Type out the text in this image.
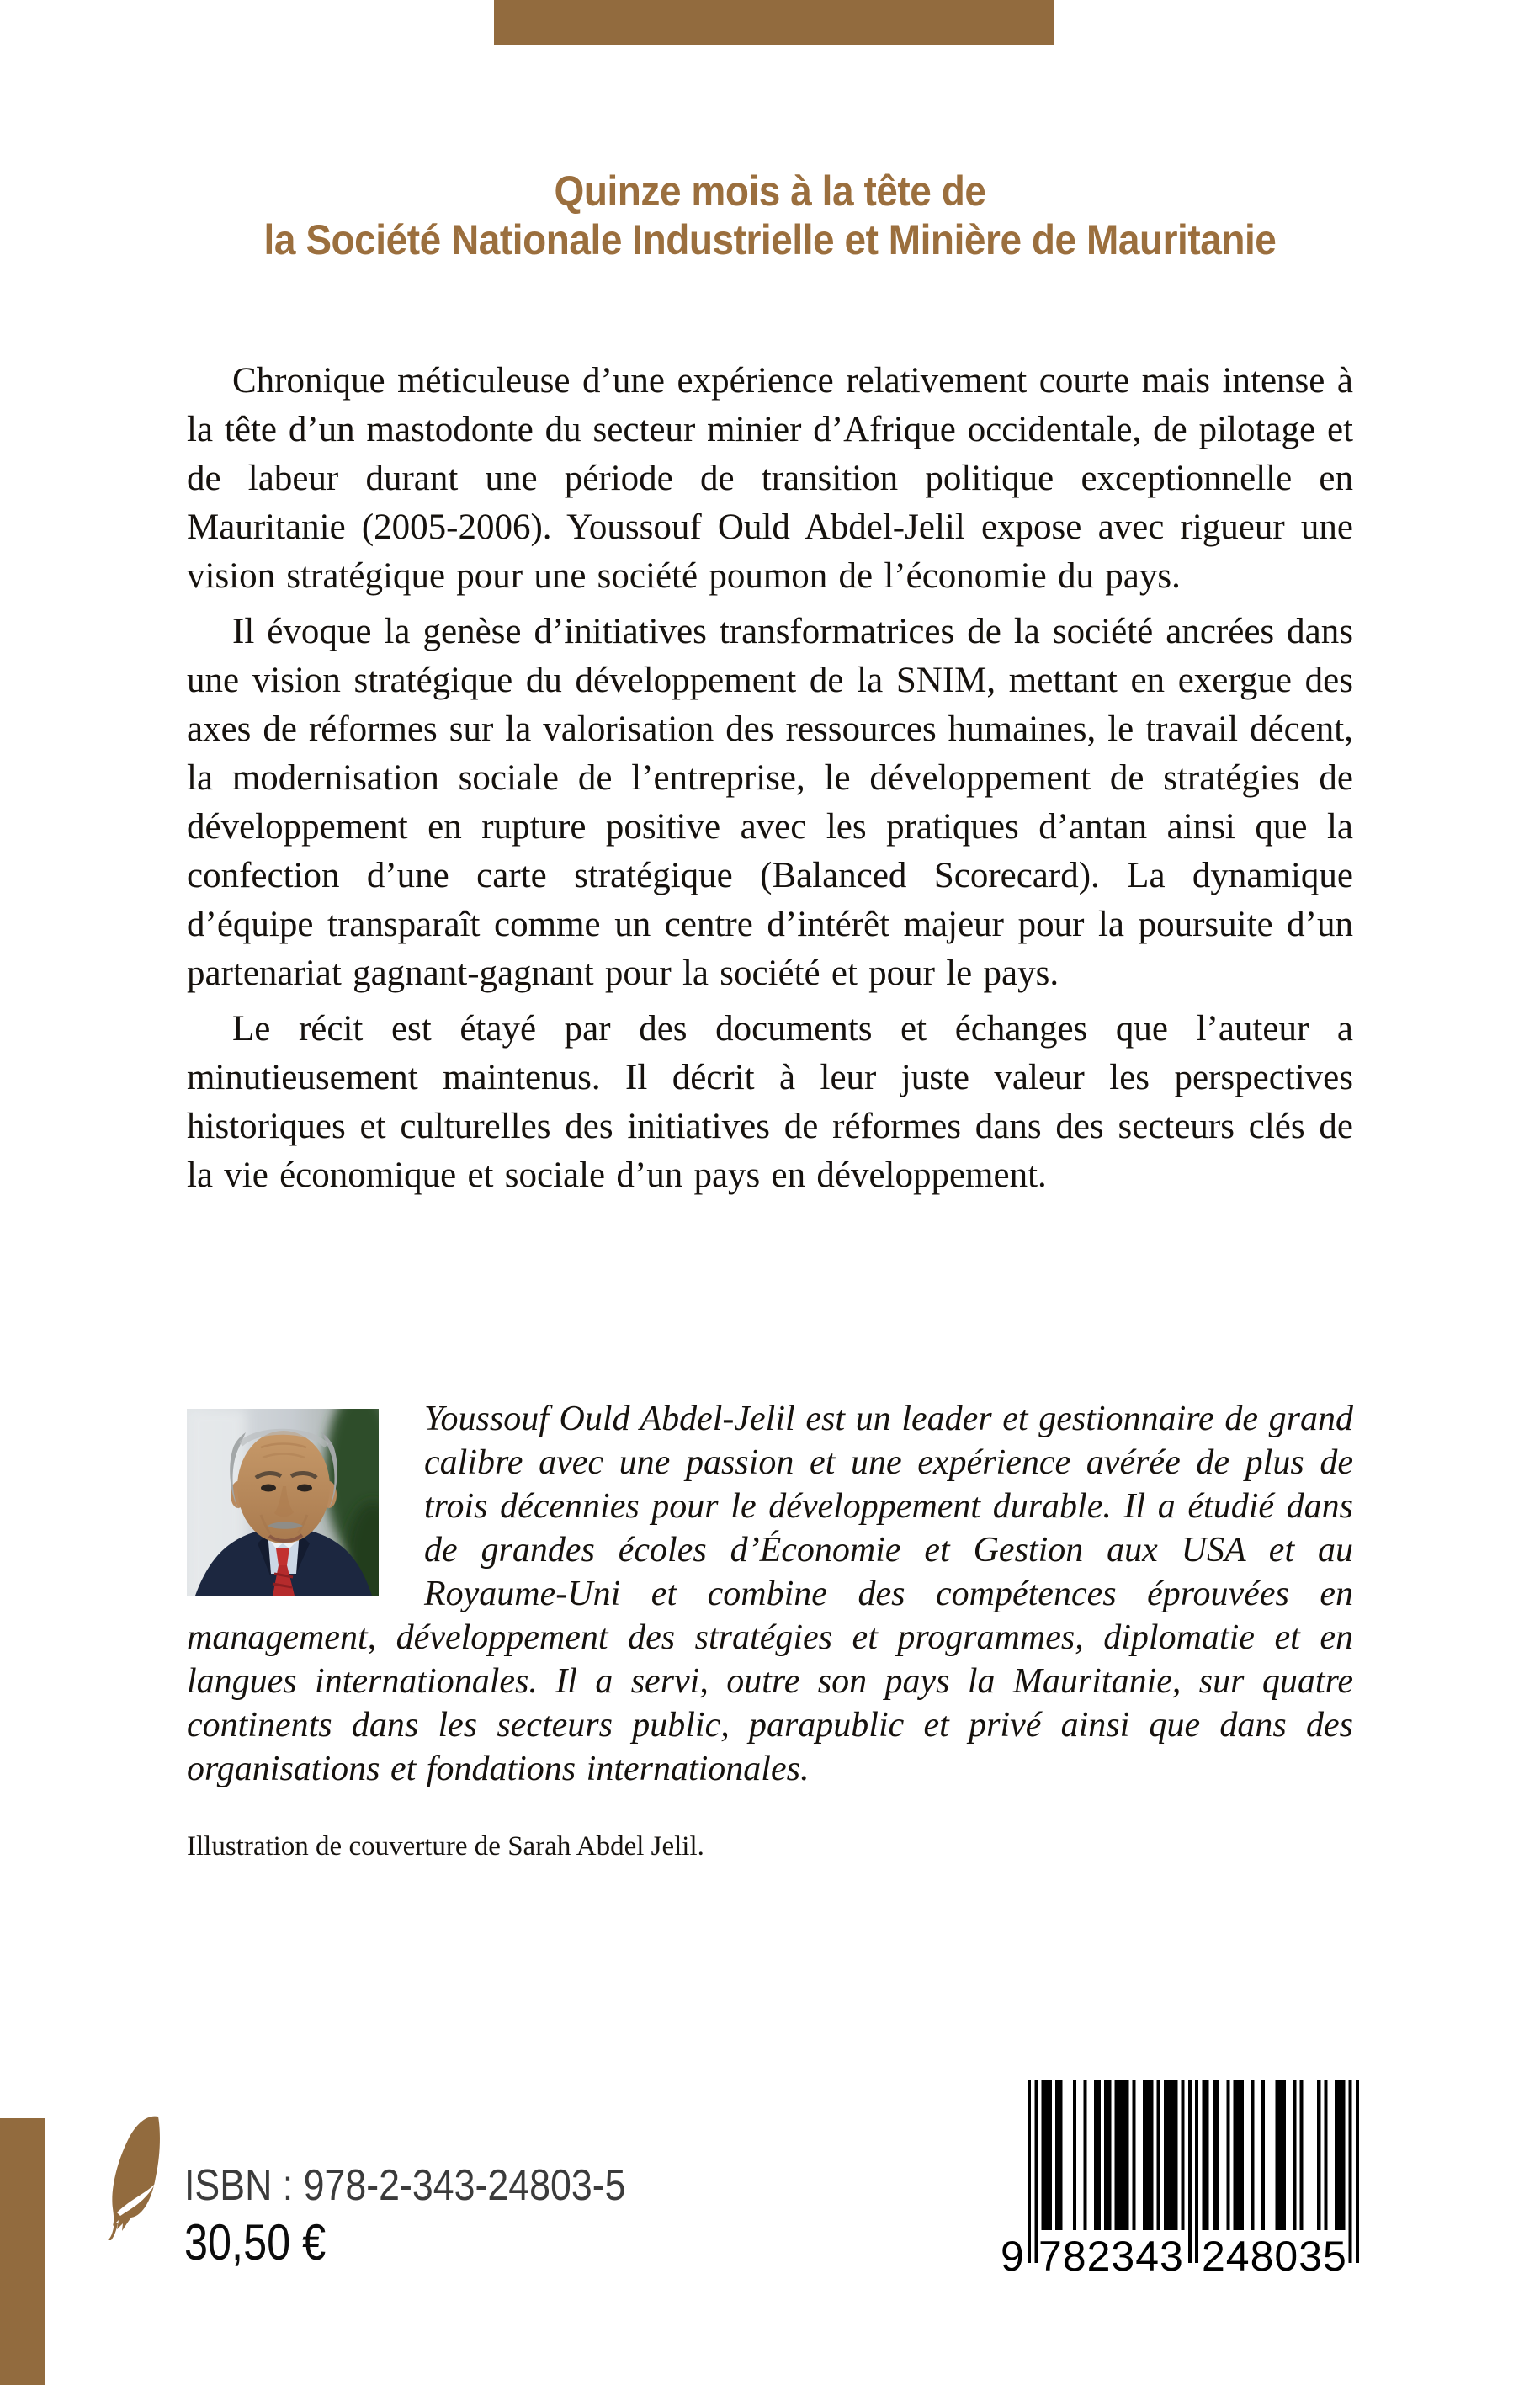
Quinze mois à la tête de
la Société Nationale Industrielle et Minière de Mauritanie

Chronique méticuleuse d’une expérience relativement courte mais intense à la tête d’un mastodonte du secteur minier d’Afrique occidentale, de pilotage et de labeur durant une période de transition politique exceptionnelle en Mauritanie (2005-2006). Youssouf Ould Abdel-Jelil expose avec rigueur une vision stratégique pour une société poumon de l’économie du pays.

Il évoque la genèse d’initiatives transformatrices de la société ancrées dans une vision stratégique du développement de la SNIM, mettant en exergue des axes de réformes sur la valorisation des ressources humaines, le travail décent, la modernisation sociale de l’entreprise, le développement de stratégies de développement en rupture positive avec les pratiques d’antan ainsi que la confection d’une carte stratégique (Balanced Scorecard). La dynamique d’équipe transparaît comme un centre d’intérêt majeur pour la poursuite d’un partenariat gagnant-gagnant pour la société et pour le pays.

Le récit est étayé par des documents et échanges que l’auteur a minutieusement maintenus. Il décrit à leur juste valeur les perspectives historiques et culturelles des initiatives de réformes dans des secteurs clés de la vie économique et sociale d’un pays en développement.

Youssouf Ould Abdel-Jelil est un leader et gestionnaire de grand calibre avec une passion et une expérience avérée de plus de trois décennies pour le développement durable. Il a étudié dans de grandes écoles d’Économie et Gestion aux USA et au Royaume-Uni et combine des compétences éprouvées en management, développement des stratégies et programmes, diplomatie et en langues internationales. Il a servi, outre son pays la Mauritanie, sur quatre continents dans les secteurs public, parapublic et privé ainsi que dans des organisations et fondations internationales.

Illustration de couverture de Sarah Abdel Jelil.

ISBN : 978-2-343-24803-5
30,50 €	9 782343 248035
